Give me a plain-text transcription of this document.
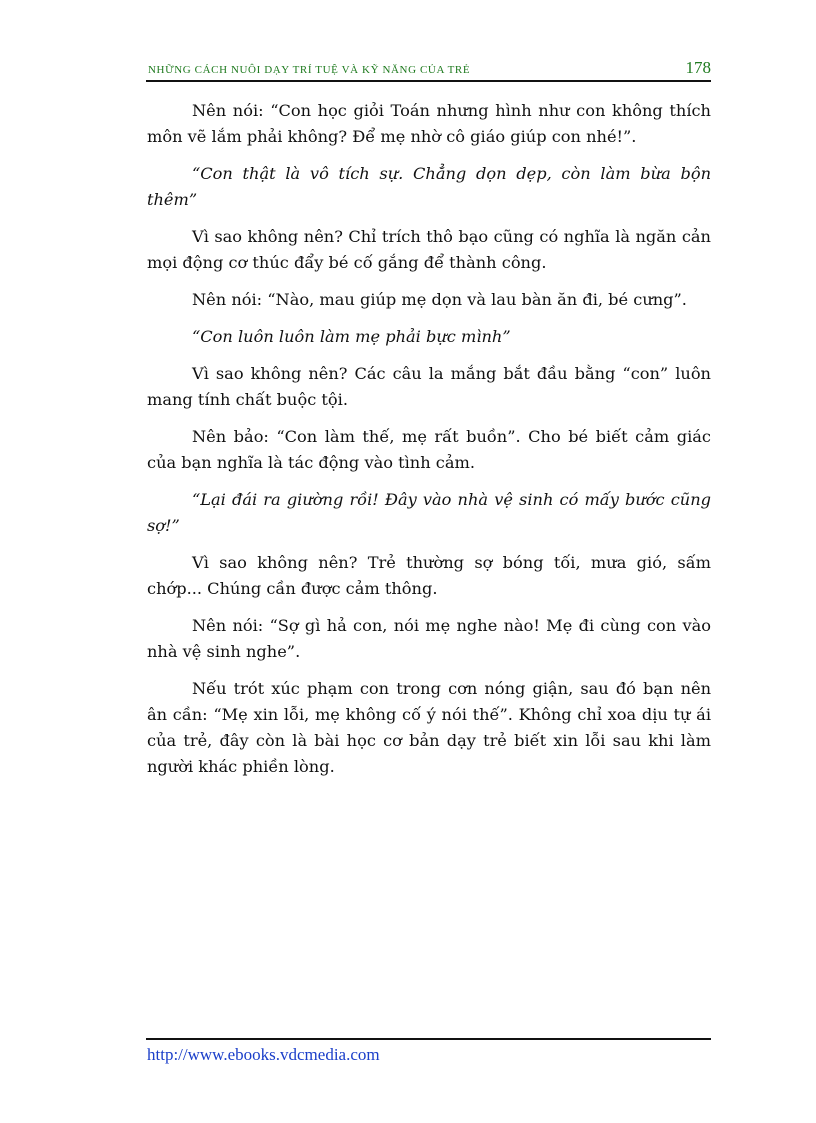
NHỮNG CÁCH NUÔI DẠY TRÍ TUỆ VÀ KỸ NĂNG CỦA TRẺ	178

Nên nói: “Con học giỏi Toán nhưng hình như con không thích môn vẽ lắm phải không? Để mẹ nhờ cô giáo giúp con nhé!”.

“Con thật là vô tích sự. Chẳng dọn dẹp, còn làm bừa bộn thêm”

Vì sao không nên? Chỉ trích thô bạo cũng có nghĩa là ngăn cản mọi động cơ thúc đẩy bé cố gắng để thành công.

Nên nói: “Nào, mau giúp mẹ dọn và lau bàn ăn đi, bé cưng”.

“Con luôn luôn làm mẹ phải bực mình”

Vì sao không nên? Các câu la mắng bắt đầu bằng “con” luôn mang tính chất buộc tội.

Nên bảo: “Con làm thế, mẹ rất buồn”. Cho bé biết cảm giác của bạn nghĩa là tác động vào tình cảm.

“Lại đái ra giường rồi! Đây vào nhà vệ sinh có mấy bước cũng sợ!”

Vì sao không nên? Trẻ thường sợ bóng tối, mưa gió, sấm chớp... Chúng cần được cảm thông.

Nên nói: “Sợ gì hả con, nói mẹ nghe nào! Mẹ đi cùng con vào nhà vệ sinh nghe”.

Nếu trót xúc phạm con trong cơn nóng giận, sau đó bạn nên ân cần: “Mẹ xin lỗi, mẹ không cố ý nói thế”. Không chỉ xoa dịu tự ái của trẻ, đây còn là bài học cơ bản dạy trẻ biết xin lỗi sau khi làm người khác phiền lòng.

http://www.ebooks.vdcmedia.com
